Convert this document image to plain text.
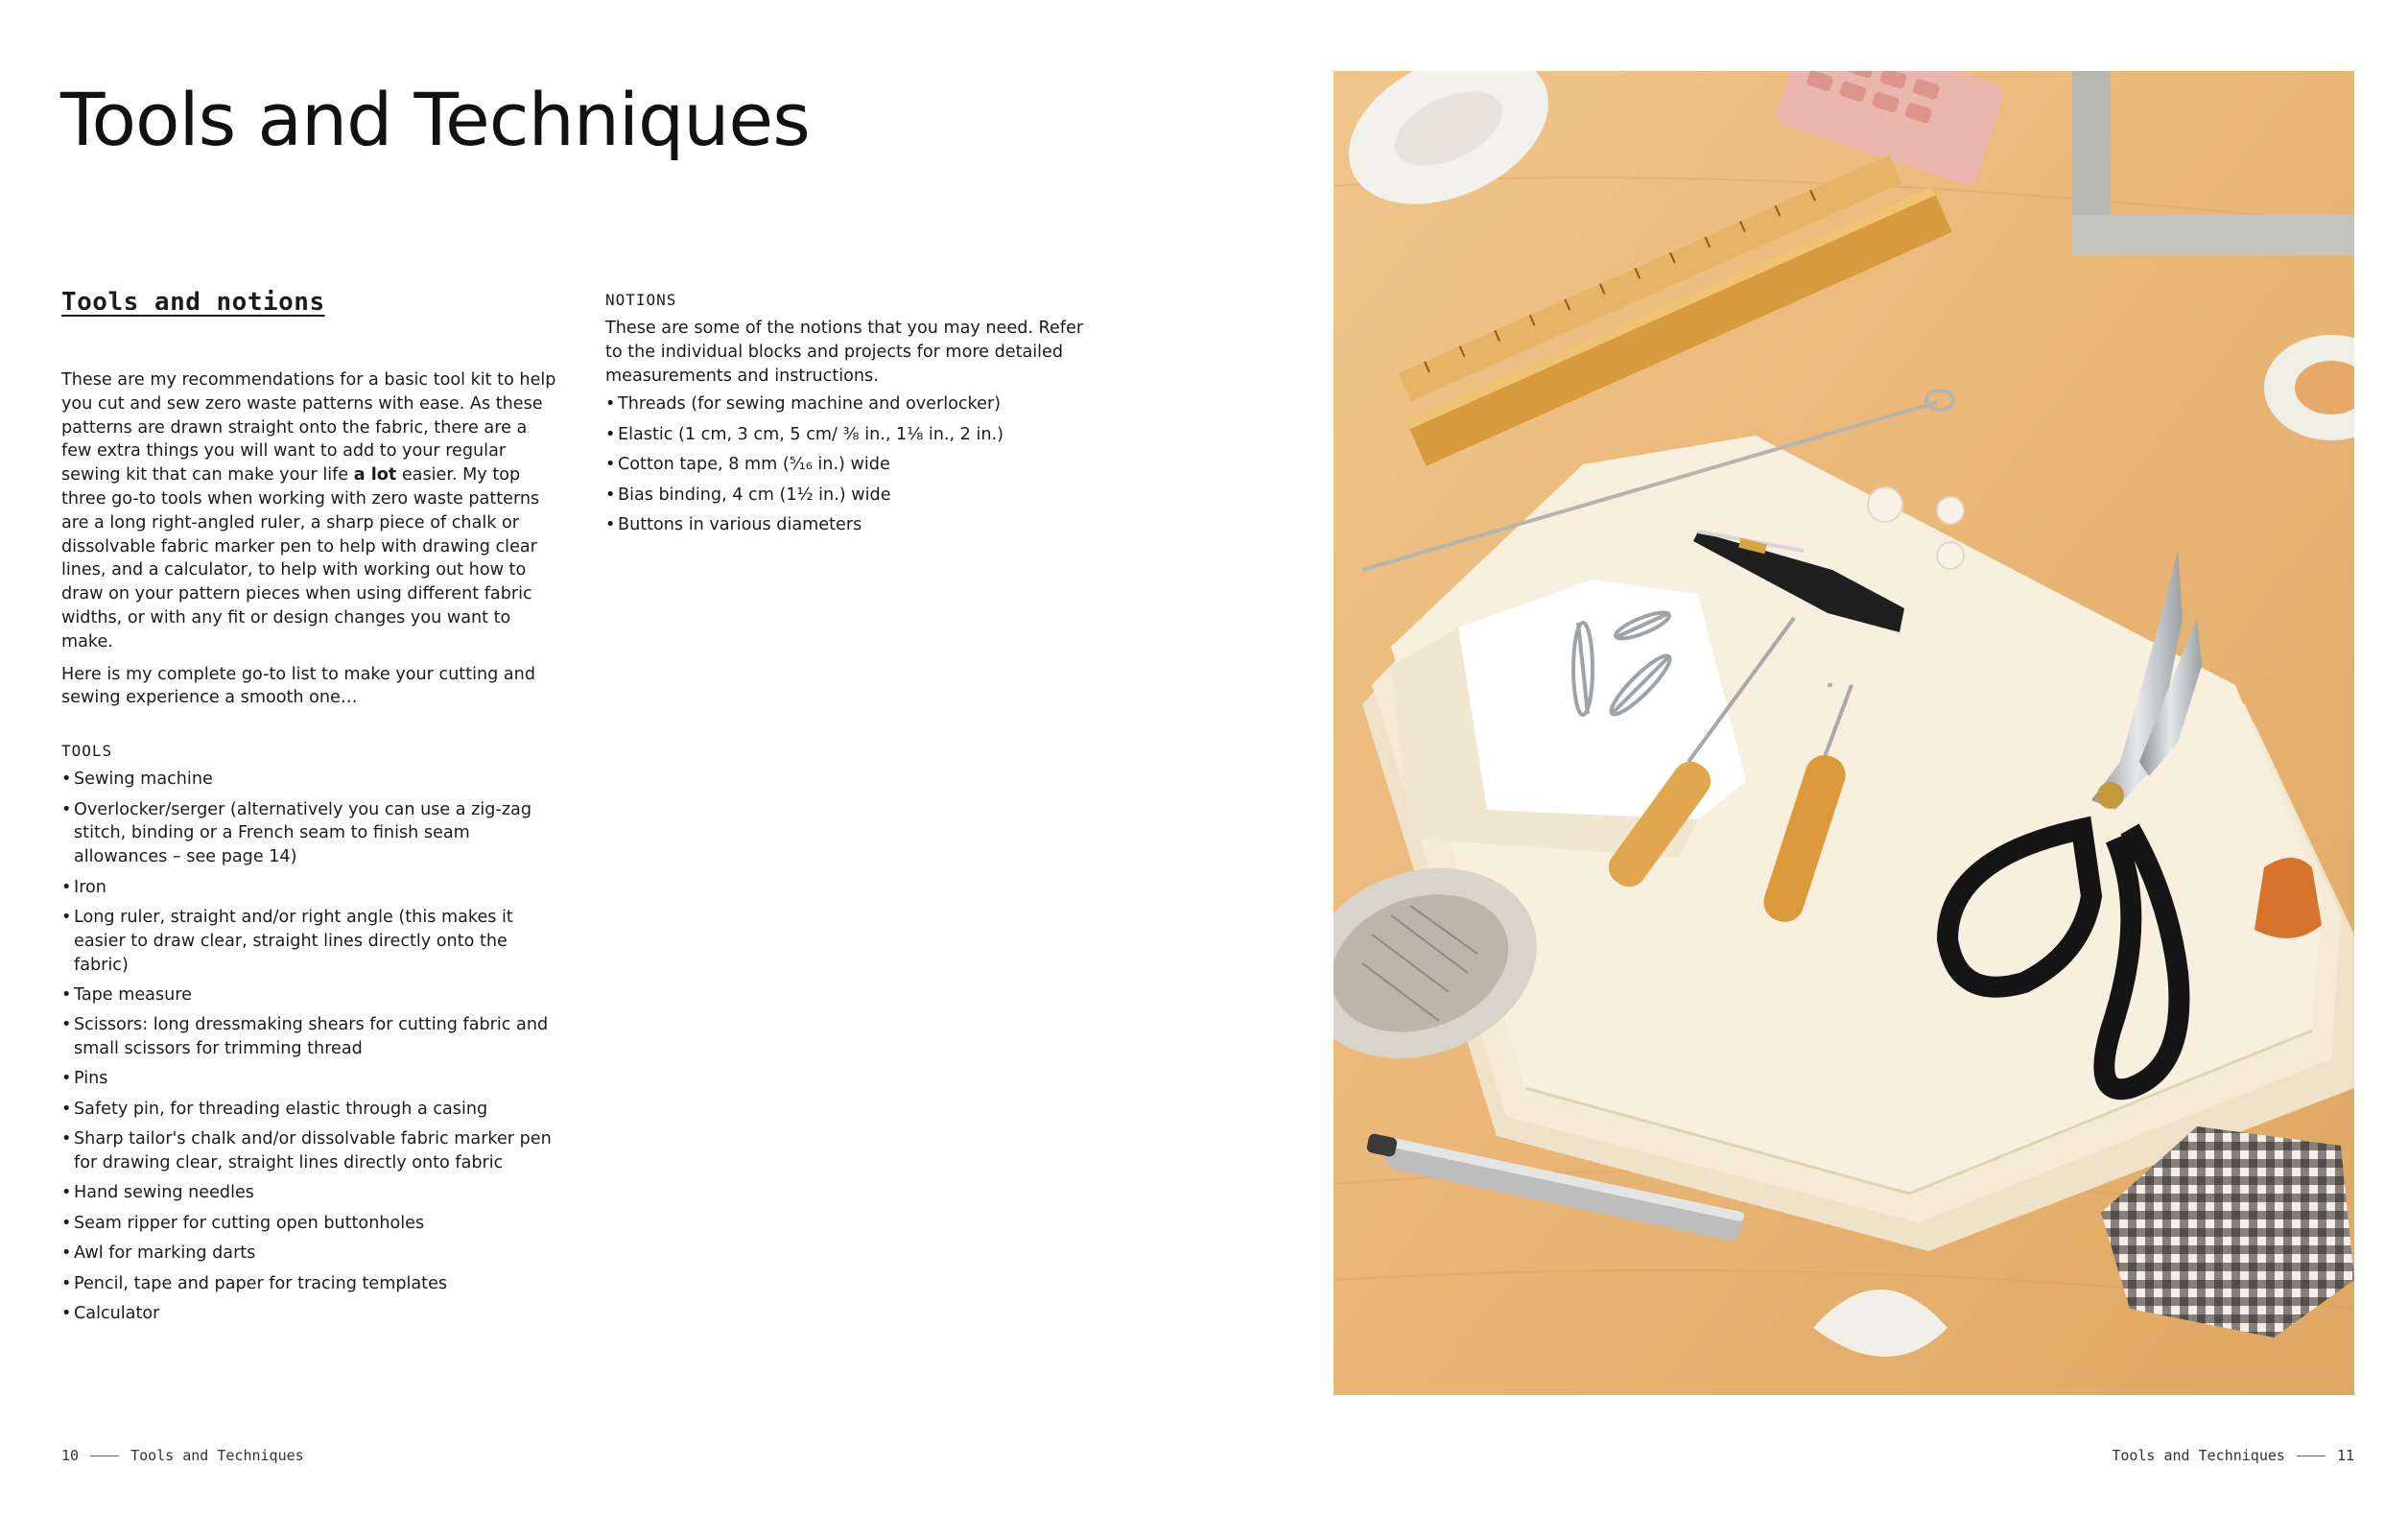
Tools and Techniques
Tools and notions

These are my recommendations for a basic tool kit to help you cut and sew zero waste patterns with ease. As these patterns are drawn straight onto the fabric, there are a few extra things you will want to add to your regular sewing kit that can make your life a lot easier. My top three go-to tools when working with zero waste patterns are a long right-angled ruler, a sharp piece of chalk or dissolvable fabric marker pen to help with drawing clear lines, and a calculator, to help with working out how to draw on your pattern pieces when using different fabric widths, or with any fit or design changes you want to make.

Here is my complete go-to list to make your cutting and sewing experience a smooth one…

TOOLS
• Sewing machine
• Overlocker/serger (alternatively you can use a zig-zag stitch, binding or a French seam to finish seam allowances – see page 14)
• Iron
• Long ruler, straight and/or right angle (this makes it easier to draw clear, straight lines directly onto the fabric)
• Tape measure
• Scissors: long dressmaking shears for cutting fabric and small scissors for trimming thread
• Pins
• Safety pin, for threading elastic through a casing
• Sharp tailor's chalk and/or dissolvable fabric marker pen for drawing clear, straight lines directly onto fabric
• Hand sewing needles
• Seam ripper for cutting open buttonholes
• Awl for marking darts
• Pencil, tape and paper for tracing templates
• Calculator
NOTIONS

These are some of the notions that you may need. Refer to the individual blocks and projects for more detailed measurements and instructions.

• Threads (for sewing machine and overlocker)
• Elastic (1 cm, 3 cm, 5 cm/ ⅜ in., 1⅛ in., 2 in.)
• Cotton tape, 8 mm (⁵⁄₁₆ in.) wide
• Bias binding, 4 cm (1½ in.) wide
• Buttons in various diameters
10	Tools and Techniques	Tools and Techniques	11
